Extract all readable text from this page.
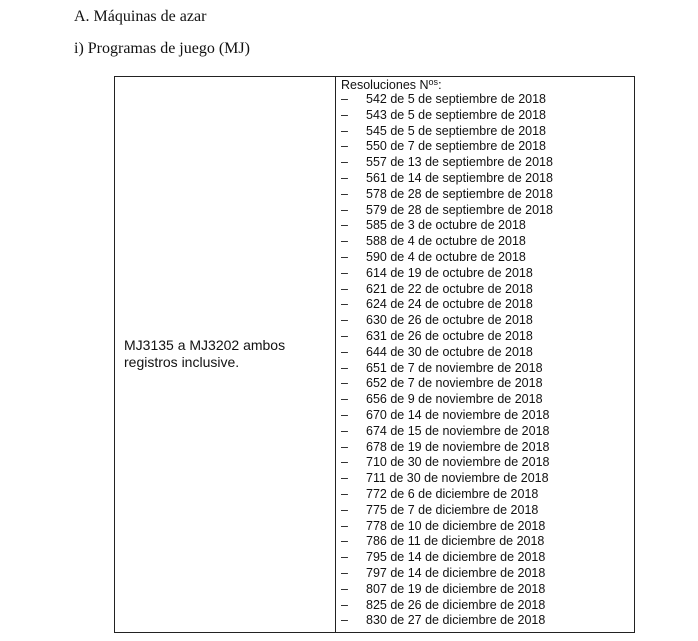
A. Máquinas de azar
i) Programas de juego (MJ)
MJ3135 a MJ3202 ambos registros inclusive.
Resoluciones $N^{os}$:
– 542 de 5 de septiembre de 2018
– 543 de 5 de septiembre de 2018
– 545 de 5 de septiembre de 2018
– 550 de 7 de septiembre de 2018
– 557 de 13 de septiembre de 2018
– 561 de 14 de septiembre de 2018
– 578 de 28 de septiembre de 2018
– 579 de 28 de septiembre de 2018
– 585 de 3 de octubre de 2018
– 588 de 4 de octubre de 2018
– 590 de 4 de octubre de 2018
– 614 de 19 de octubre de 2018
– 621 de 22 de octubre de 2018
– 624 de 24 de octubre de 2018
– 630 de 26 de octubre de 2018
– 631 de 26 de octubre de 2018
– 644 de 30 de octubre de 2018
– 651 de 7 de noviembre de 2018
– 652 de 7 de noviembre de 2018
– 656 de 9 de noviembre de 2018
– 670 de 14 de noviembre de 2018
– 674 de 15 de noviembre de 2018
– 678 de 19 de noviembre de 2018
– 710 de 30 de noviembre de 2018
– 711 de 30 de noviembre de 2018
– 772 de 6 de diciembre de 2018
– 775 de 7 de diciembre de 2018
– 778 de 10 de diciembre de 2018
– 786 de 11 de diciembre de 2018
– 795 de 14 de diciembre de 2018
– 797 de 14 de diciembre de 2018
– 807 de 19 de diciembre de 2018
– 825 de 26 de diciembre de 2018
– 830 de 27 de diciembre de 2018
